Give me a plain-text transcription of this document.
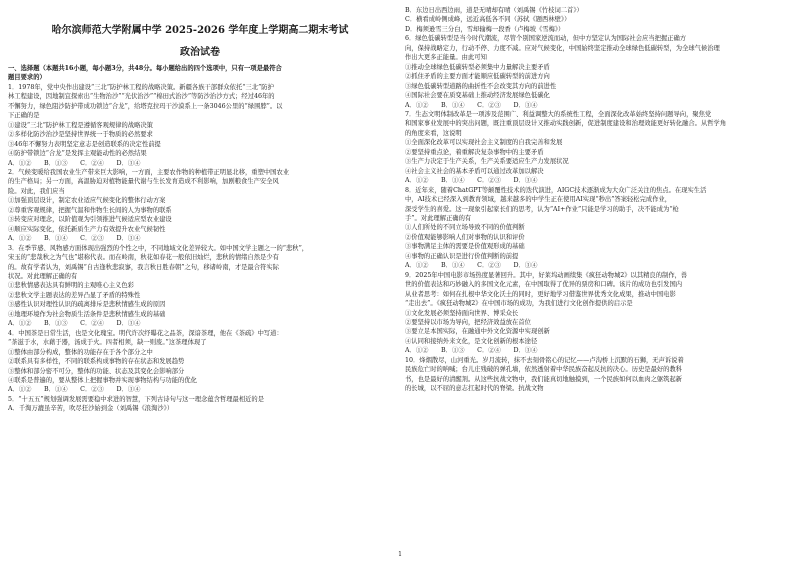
哈尔滨师范大学附属中学 2025-2026 学年度上学期高二期末考试
政治试卷
一、选择题（本题共16小题，每小题3分，共48分。每小题给出的四个选项中，只有一项是最符合
题目要求的）
1．1978年，党中央作出建设“三北”防护林工程的战略决策。新疆各族干部群众依托“三北”防护
林工程建设，因地制宜探索出“生物治沙”“光伏治沙”“棉田式治沙”等防沙治沙方式；经过46年的
不懈努力，绿色阻沙防护带成功锁边“合龙”，给塔克拉玛干沙漠系上一条3046公里的“绿围脖”。以
下正确的是
①建设“三北”防护林工程是遵循客观规律的战略决策
②多样化防沙治沙是坚持世界统一于物质的必然要求
③46年不懈努力表明坚定意志是创造联系的决定性前提
④防护带锁边“合龙”是发挥主观能动性的必然结果
A．①②　　B．①③　　C．②④　　D．③④
2．气候变暖给我国农业生产带来巨大影响，一方面，主要农作物的种植带正明显北移，重塑中国农业
的生产格局；另一方面，高温胁迫对植物能量代谢与生长发育造成不利影响，加剧粮食生产安全风
险。对此，我们应当
①加强顶层设计，制定农业适应气候变化的整体行动方案
②尊重客观规律，把握气温和作物生长间的人为事物的联系
③转变应对理念，以阶值观为引领推进气候适应型农业建设
④顺应实际变化，依托新质生产力有效提升农业气候韧性
A．①②　　B．①④　　C．②③　　D．③④
3．在季节感、风物感方面体现出强烈的个性之中，不同地域文化差异较大。如中国文学主题之一的“悲秋”，
宋玉的“悲哉秋之为气也”堪称代表。而在岭南，秋花如春花一般依旧灿烂，悲秋的情绪自然是少有
的。故有学者认为，刘禹锡“自古逢秋悲寂寥，我言秋日胜春朝”之句，移诸岭南，才是最合符实际
状况。对此理解正确的有
①悲秋情感表达具有鲜明的主观唯心主义色彩
②悲秋文学主题表达的差异凸显了矛盾的特殊性
③感性认识对理性认识的疏离排斥是悲秋情感生成的原因
④地理环境作为社会物质生活条件是悲秋情感生成的基础
A．①②　　B．①③　　C．②④　　D．③④
4．中国茶是日常生活，也是文化瑰宝。明代许次纾曝花之品茶，深谙茶理，他在《茶疏》中写道：
“茶滋于水，水藉于器，汤成于火。四者相须，缺一则废。”这茶理体现了
①整体由部分构成，整体的功能存在于各个部分之中
②联系具有多样性，不同的联系构成事物的存在状态和发展趋势
③整体和部分密不可分，整体的功能、状态及其变化会影响部分
④联系是普遍的，要从整体上把握事物并实现事物结构与功能的优化
A．①②　　B．①④　　C．②③　　D．③④
5．“十五五”规划强调发展需要稳中求进的智慧，下列古诗句与这一理念蕴含哲理最相近的是
A．千淘万漉虽辛苦，吹尽狂沙始到金（刘禹锡《浪淘沙》）
B．东边日出西边雨，道是无晴却有晴（刘禹锡《竹枝词二首》）
C．横看成岭侧成峰，远近高低各不同（苏轼《题西林壁》）
D．梅须逊雪三分白，雪却输梅一段香（卢梅坡《雪梅》）
6．绿色低碳转型是当今时代潮流，尽管个别国家逆流而动，但中方坚定认为国际社会应当把握正确方
向，保持战略定力，行动不停、力度不减。应对气候变化，中国始终坚定推动全球绿色低碳转型，为全球气候治理
作出大更多正能量。由此可知
①推动全球绿色低碳转型必须集中力量解决主要矛盾
②抓住矛盾的主要方面才能顺应低碳转型的前进方向
③绿色低碳转型道路的曲折性不会改变其方向的前进性
④国际社会要在质变基础上推动经济发展绿色低碳化
A．①②　　B．①④　　C．②③　　D．③④
7．生态文明体制改革是一项涉及范围广、利益调整大的系统性工程，全面深化改革始终坚持问题导向，聚焦党
和国家事业发展中的突出问题，既注重顶层设计又推动实践创新，促进制度建设和治理效能更好转化融合。从哲学角
的角度来看，这说明
①全面深化改革可以实现社会主义制度的自我完善和发展
②要坚持重点论，着重解决复杂事物中的主要矛盾
③生产力决定于生产关系，生产关系要适应生产力发展状况
④社会主义社会的基本矛盾可以通过改革加以解决
A．①②　　B．①④　　C．②③　　D．③④
8．近年来，随着ChatGPT等颠覆性技术的迭代演进，AIGC技术逐渐成为大众广泛关注的焦点。在现实生活
中，AI技术已经深入到教育领域，越来越多的中学生正在使用AI实现“秒出”答案轻松完成作业，
深受学生的喜爱。这一现象引起家长们的思考，认为“AI+作业”只能是学习的助手，决不能成为“枪
手”。对此理解正确的有
①人们所处的不同立场导致不同的价值判断
②价值观能够影响人们对事物的认识和评价
③事物满足主体的需要是价值观形成的基础
④事物的正确认识是进行价值判断的前提
A．①②　　B．①④　　C．②③　　D．③④
9．2025年中国电影市场热度显著回升。其中，好莱坞动画续集《疯狂动物城2》以其精良的制作，兽
世的价值表达和巧妙融入的多国文化元素，在中国取得了优异的票房和口碑。该片的成功也引发国内
从业者思考：如何在扎根中华文化沃土的同时，更好地学习借鉴世界优秀文化成果，推动中国电影
“走出去”。《疯狂动物城2》在中国市场的成功，为我们进行文化创作提供的启示是
①文化发展必须坚持面向世界、博采众长
②要坚持以市场为导向，把经济效益放在首位
③要立足本国实际，在融通中外文化资源中实现创新
④认同和接纳外来文化，是文化创新的根本途径
A．①②　　B．①③　　C．②④　　D．③④
10．烽烟散尽，山河重光。岁月流转，抹不去刻骨铭心的记忆——卢沟桥上沉默的石狮，无声诉说着
民族危亡时的呐喊；台儿庄残破的弹孔墙，依然透射着中华民族奋起反抗的决心。历史是最好的教科
书，也是最好的清醒剂。从这些抗战文物中，我们能真切地触摸到，一个民族如何以血肉之躯筑起新
的长城，以不屈的意志扛起时代的脊梁。抗战文物
1
